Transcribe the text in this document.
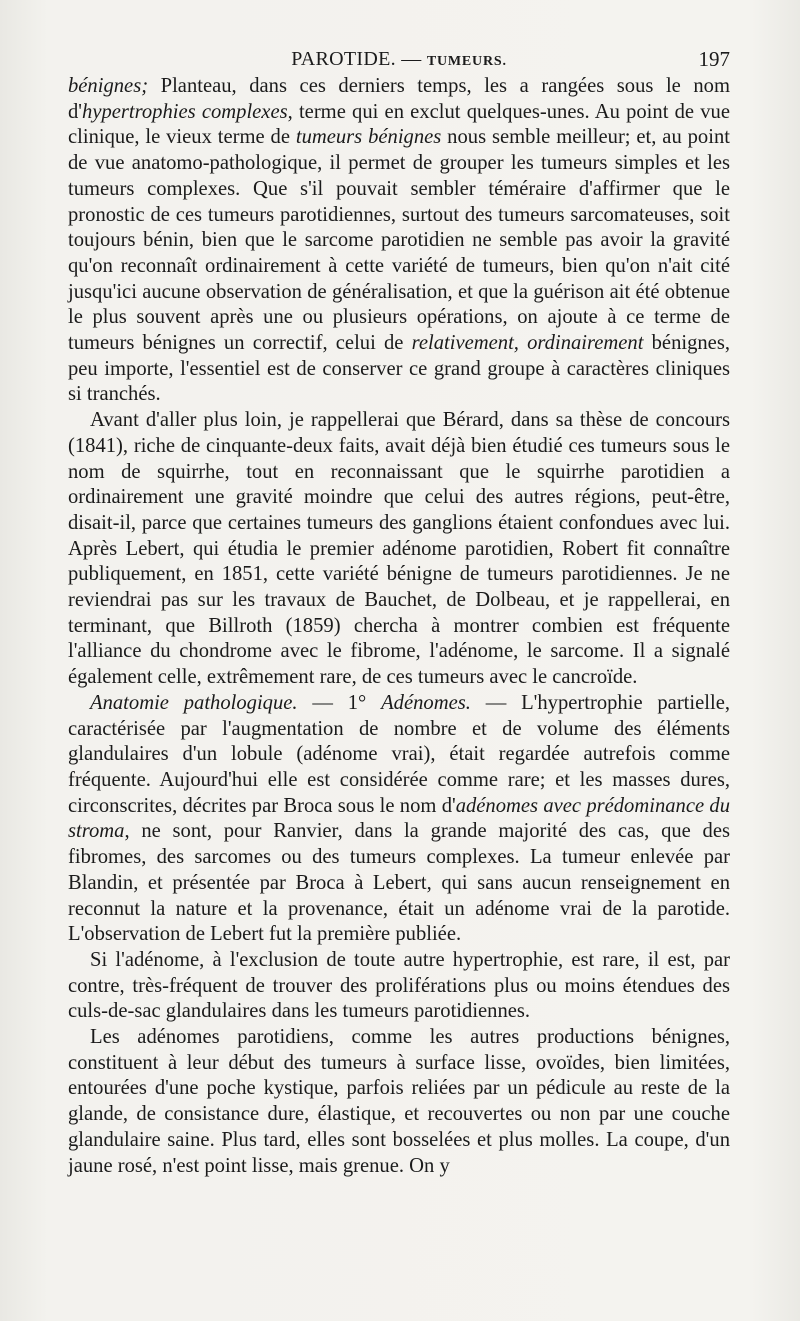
PAROTIDE. — TUMEURS.	197

bénignes; Planteau, dans ces derniers temps, les a rangées sous le nom d'hypertrophies complexes, terme qui en exclut quelques-unes. Au point de vue clinique, le vieux terme de tumeurs bénignes nous semble meilleur; et, au point de vue anatomo-pathologique, il permet de grouper les tumeurs simples et les tumeurs complexes. Que s'il pouvait sembler téméraire d'affirmer que le pronostic de ces tumeurs parotidiennes, surtout des tumeurs sarcomateuses, soit toujours bénin, bien que le sarcome parotidien ne semble pas avoir la gravité qu'on reconnaît ordinairement à cette variété de tumeurs, bien qu'on n'ait cité jusqu'ici aucune observation de généralisation, et que la guérison ait été obtenue le plus souvent après une ou plusieurs opérations, on ajoute à ce terme de tumeurs bénignes un correctif, celui de relativement, ordinairement bénignes, peu importe, l'essentiel est de conserver ce grand groupe à caractères cliniques si tranchés.

Avant d'aller plus loin, je rappellerai que Bérard, dans sa thèse de concours (1841), riche de cinquante-deux faits, avait déjà bien étudié ces tumeurs sous le nom de squirrhe, tout en reconnaissant que le squirrhe parotidien a ordinairement une gravité moindre que celui des autres régions, peut-être, disait-il, parce que certaines tumeurs des ganglions étaient confondues avec lui. Après Lebert, qui étudia le premier adénome parotidien, Robert fit connaître publiquement, en 1851, cette variété bénigne de tumeurs parotidiennes. Je ne reviendrai pas sur les travaux de Bauchet, de Dolbeau, et je rappellerai, en terminant, que Billroth (1859) chercha à montrer combien est fréquente l'alliance du chondrome avec le fibrome, l'adénome, le sarcome. Il a signalé également celle, extrêmement rare, de ces tumeurs avec le cancroïde.

Anatomie pathologique. — 1° Adénomes. — L'hypertrophie partielle, caractérisée par l'augmentation de nombre et de volume des éléments glandulaires d'un lobule (adénome vrai), était regardée autrefois comme fréquente. Aujourd'hui elle est considérée comme rare; et les masses dures, circonscrites, décrites par Broca sous le nom d'adénomes avec prédominance du stroma, ne sont, pour Ranvier, dans la grande majorité des cas, que des fibromes, des sarcomes ou des tumeurs complexes. La tumeur enlevée par Blandin, et présentée par Broca à Lebert, qui sans aucun renseignement en reconnut la nature et la provenance, était un adénome vrai de la parotide. L'observation de Lebert fut la première publiée.

Si l'adénome, à l'exclusion de toute autre hypertrophie, est rare, il est, par contre, très-fréquent de trouver des proliférations plus ou moins étendues des culs-de-sac glandulaires dans les tumeurs parotidiennes.

Les adénomes parotidiens, comme les autres productions bénignes, constituent à leur début des tumeurs à surface lisse, ovoïdes, bien limitées, entourées d'une poche kystique, parfois reliées par un pédicule au reste de la glande, de consistance dure, élastique, et recouvertes ou non par une couche glandulaire saine. Plus tard, elles sont bosselées et plus molles. La coupe, d'un jaune rosé, n'est point lisse, mais grenue. On y
